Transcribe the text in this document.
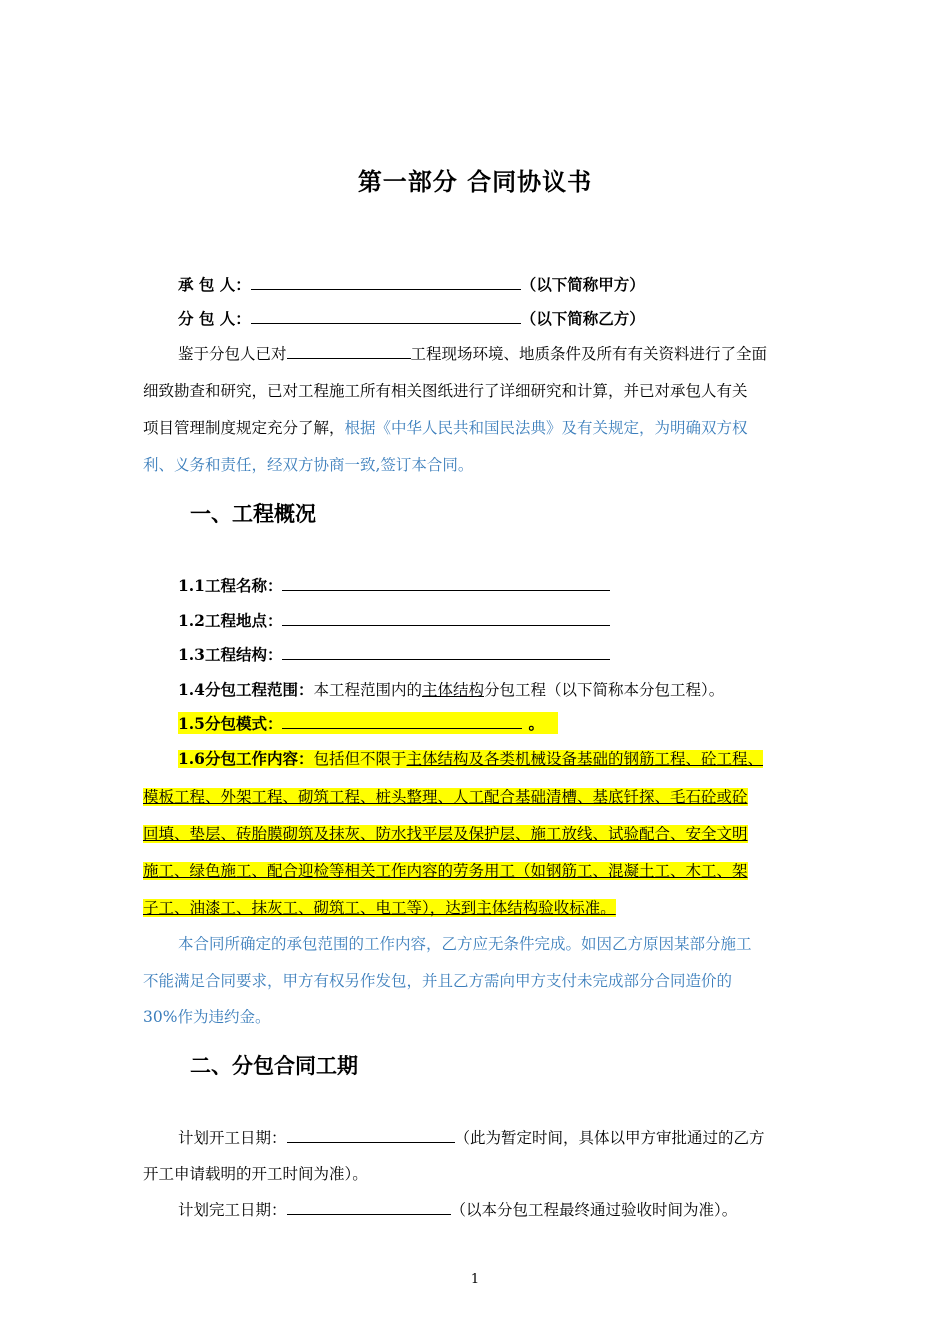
第一部分 合同协议书
承 包 人：	（以下简称甲方）
分 包 人：	（以下简称乙方）
鉴于分包人已对	工程现场环境、地质条件及所有有关资料进行了全面
细致勘查和研究，已对工程施工所有相关图纸进行了详细研究和计算，并已对承包人有关
项目管理制度规定充分了解，根据《中华人民共和国民法典》及有关规定，为明确双方权
利、义务和责任，经双方协商一致,签订本合同。
一、工程概况
1.1工程名称：
1.2工程地点：
1.3工程结构：
1.4分包工程范围：本工程范围内的主体结构分包工程（以下简称本分包工程）。
1.5分包模式：	。
1.6分包工作内容：包括但不限于主体结构及各类机械设备基础的钢筋工程、砼工程、
模板工程、外架工程、砌筑工程、桩头整理、人工配合基础清槽、基底钎探、毛石砼或砼
回填、垫层、砖胎膜砌筑及抹灰、防水找平层及保护层、施工放线、试验配合、安全文明
施工、绿色施工、配合迎检等相关工作内容的劳务用工（如钢筋工、混凝土工、木工、架
子工、油漆工、抹灰工、砌筑工、电工等），达到主体结构验收标准。
本合同所确定的承包范围的工作内容，乙方应无条件完成。如因乙方原因某部分施工
不能满足合同要求，甲方有权另作发包，并且乙方需向甲方支付未完成部分合同造价的
30%作为违约金。
二、分包合同工期
计划开工日期：	（此为暂定时间，具体以甲方审批通过的乙方
开工申请载明的开工时间为准）。
计划完工日期：	（以本分包工程最终通过验收时间为准）。
1
